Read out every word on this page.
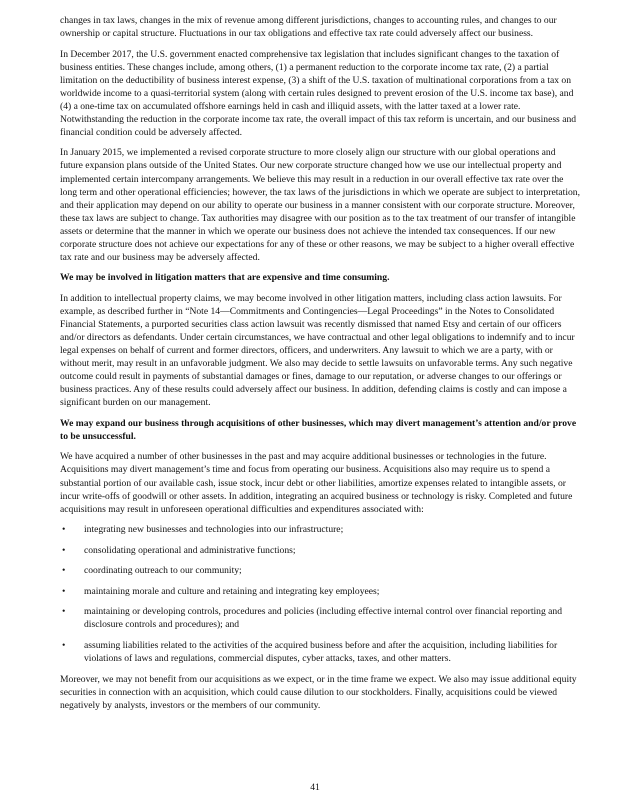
changes in tax laws, changes in the mix of revenue among different jurisdictions, changes to accounting rules, and changes to our ownership or capital structure. Fluctuations in our tax obligations and effective tax rate could adversely affect our business.

In December 2017, the U.S. government enacted comprehensive tax legislation that includes significant changes to the taxation of business entities. These changes include, among others, (1) a permanent reduction to the corporate income tax rate, (2) a partial limitation on the deductibility of business interest expense, (3) a shift of the U.S. taxation of multinational corporations from a tax on worldwide income to a quasi-territorial system (along with certain rules designed to prevent erosion of the U.S. income tax base), and (4) a one-time tax on accumulated offshore earnings held in cash and illiquid assets, with the latter taxed at a lower rate. Notwithstanding the reduction in the corporate income tax rate, the overall impact of this tax reform is uncertain, and our business and financial condition could be adversely affected.

In January 2015, we implemented a revised corporate structure to more closely align our structure with our global operations and future expansion plans outside of the United States. Our new corporate structure changed how we use our intellectual property and implemented certain intercompany arrangements. We believe this may result in a reduction in our overall effective tax rate over the long term and other operational efficiencies; however, the tax laws of the jurisdictions in which we operate are subject to interpretation, and their application may depend on our ability to operate our business in a manner consistent with our corporate structure. Moreover, these tax laws are subject to change. Tax authorities may disagree with our position as to the tax treatment of our transfer of intangible assets or determine that the manner in which we operate our business does not achieve the intended tax consequences. If our new corporate structure does not achieve our expectations for any of these or other reasons, we may be subject to a higher overall effective tax rate and our business may be adversely affected.

We may be involved in litigation matters that are expensive and time consuming.

In addition to intellectual property claims, we may become involved in other litigation matters, including class action lawsuits. For example, as described further in “Note 14—Commitments and Contingencies—Legal Proceedings” in the Notes to Consolidated Financial Statements, a purported securities class action lawsuit was recently dismissed that named Etsy and certain of our officers and/or directors as defendants. Under certain circumstances, we have contractual and other legal obligations to indemnify and to incur legal expenses on behalf of current and former directors, officers, and underwriters. Any lawsuit to which we are a party, with or without merit, may result in an unfavorable judgment. We also may decide to settle lawsuits on unfavorable terms. Any such negative outcome could result in payments of substantial damages or fines, damage to our reputation, or adverse changes to our offerings or business practices. Any of these results could adversely affect our business. In addition, defending claims is costly and can impose a significant burden on our management.

We may expand our business through acquisitions of other businesses, which may divert management’s attention and/or prove to be unsuccessful.

We have acquired a number of other businesses in the past and may acquire additional businesses or technologies in the future. Acquisitions may divert management’s time and focus from operating our business. Acquisitions also may require us to spend a substantial portion of our available cash, issue stock, incur debt or other liabilities, amortize expenses related to intangible assets, or incur write-offs of goodwill or other assets. In addition, integrating an acquired business or technology is risky. Completed and future acquisitions may result in unforeseen operational difficulties and expenditures associated with:

• integrating new businesses and technologies into our infrastructure;
• consolidating operational and administrative functions;
• coordinating outreach to our community;
• maintaining morale and culture and retaining and integrating key employees;
• maintaining or developing controls, procedures and policies (including effective internal control over financial reporting and disclosure controls and procedures); and
• assuming liabilities related to the activities of the acquired business before and after the acquisition, including liabilities for violations of laws and regulations, commercial disputes, cyber attacks, taxes, and other matters.

Moreover, we may not benefit from our acquisitions as we expect, or in the time frame we expect. We also may issue additional equity securities in connection with an acquisition, which could cause dilution to our stockholders. Finally, acquisitions could be viewed negatively by analysts, investors or the members of our community.

41
